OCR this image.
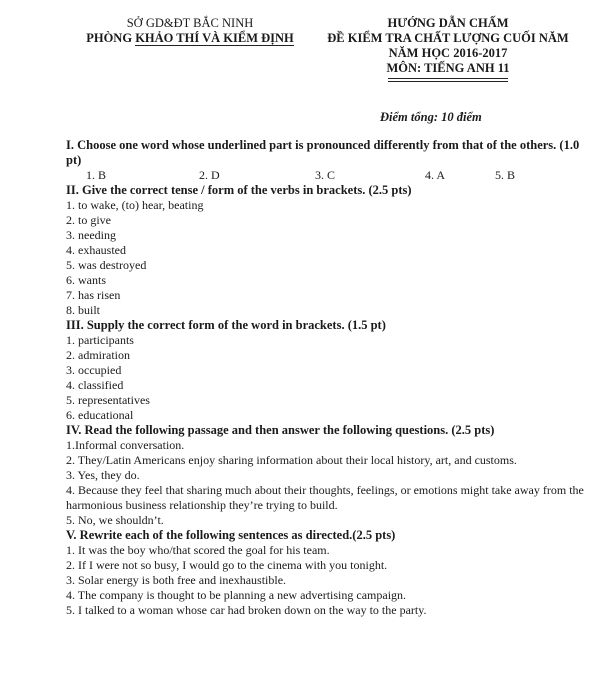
SỞ GD&ĐT BẮC NINH
PHÒNG KHẢO THÍ VÀ KIỂM ĐỊNH
HƯỚNG DẪN CHẤM
ĐỀ KIỂM TRA CHẤT LƯỢNG CUỐI NĂM
NĂM HỌC 2016-2017
MÔN: TIẾNG ANH 11
Điểm tổng: 10 điểm
I. Choose one word whose underlined part is pronounced differently from that of the others. (1.0 pt)
1. B	2. D	3. C	4. A	5. B
II. Give the correct tense / form of the verbs in brackets. (2.5 pts)
1. to wake, (to) hear, beating
2. to give
3. needing
4. exhausted
5. was destroyed
6. wants
7. has risen
8. built
III. Supply the correct form of the word in brackets. (1.5 pt)
1. participants
2. admiration
3. occupied
4. classified
5. representatives
6. educational
IV. Read the following passage and then answer the following questions. (2.5 pts)
1.Informal conversation.
2. They/Latin Americans enjoy sharing information about their local history, art, and customs.
3. Yes, they do.
4. Because they feel that sharing much about their thoughts, feelings, or emotions might take away from the harmonious business relationship they’re trying to build.
5. No, we shouldn’t.
V. Rewrite each of the following sentences as directed.(2.5 pts)
1. It was the boy who/that scored the goal for his team.
2. If I were not so busy, I would go to the cinema with you tonight.
3. Solar energy is both free and inexhaustible.
4. The company is thought to be planning a new advertising campaign.
5. I talked to a woman whose car had broken down on the way to the party.
